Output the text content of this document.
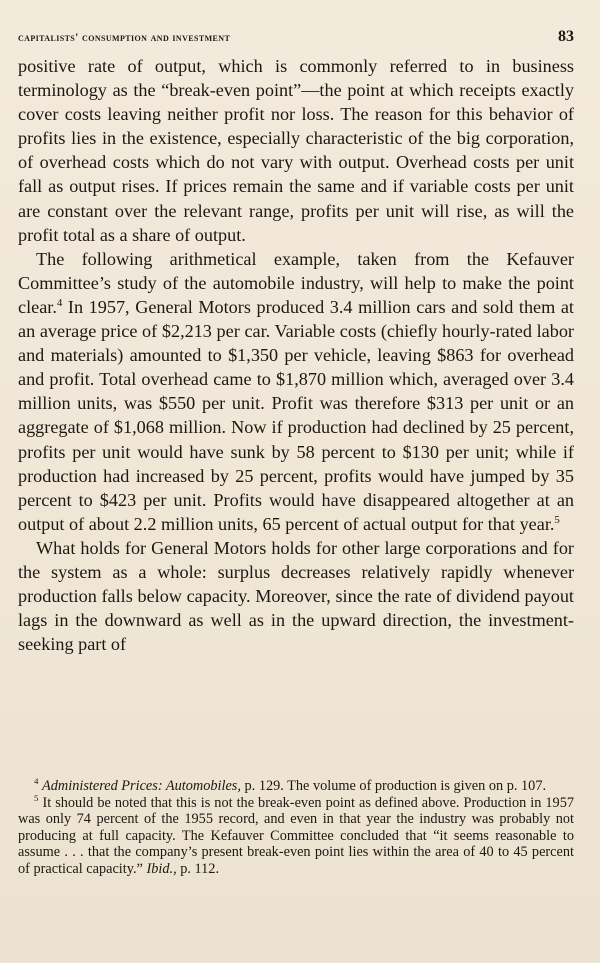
capitalists' consumption and investment	83

positive rate of output, which is commonly referred to in business terminology as the “break-even point”—the point at which receipts exactly cover costs leaving neither profit nor loss. The reason for this behavior of profits lies in the existence, especially characteristic of the big corporation, of overhead costs which do not vary with output. Overhead costs per unit fall as output rises. If prices remain the same and if variable costs per unit are constant over the relevant range, profits per unit will rise, as will the profit total as a share of output.

The following arithmetical example, taken from the Kefauver Committee’s study of the automobile industry, will help to make the point clear.$^4$ In 1957, General Motors produced 3.4 million cars and sold them at an average price of $2,213 per car. Variable costs (chiefly hourly-rated labor and materials) amounted to $1,350 per vehicle, leaving $863 for overhead and profit. Total overhead came to $1,870 million which, averaged over 3.4 million units, was $550 per unit. Profit was therefore $313 per unit or an aggregate of $1,068 million. Now if production had declined by 25 percent, profits per unit would have sunk by 58 percent to $130 per unit; while if production had increased by 25 percent, profits would have jumped by 35 percent to $423 per unit. Profits would have disappeared altogether at an output of about 2.2 million units, 65 percent of actual output for that year.$^5$

What holds for General Motors holds for other large corporations and for the system as a whole: surplus decreases relatively rapidly whenever production falls below capacity. Moreover, since the rate of dividend payout lags in the downward as well as in the upward direction, the investment-seeking part of

$^4$ Administered Prices: Automobiles, p. 129. The volume of production is given on p. 107.

$^5$ It should be noted that this is not the break-even point as defined above. Production in 1957 was only 74 percent of the 1955 record, and even in that year the industry was probably not producing at full capacity. The Kefauver Committee concluded that “it seems reasonable to assume . . . that the company’s present break-even point lies within the area of 40 to 45 percent of practical capacity.” Ibid., p. 112.
